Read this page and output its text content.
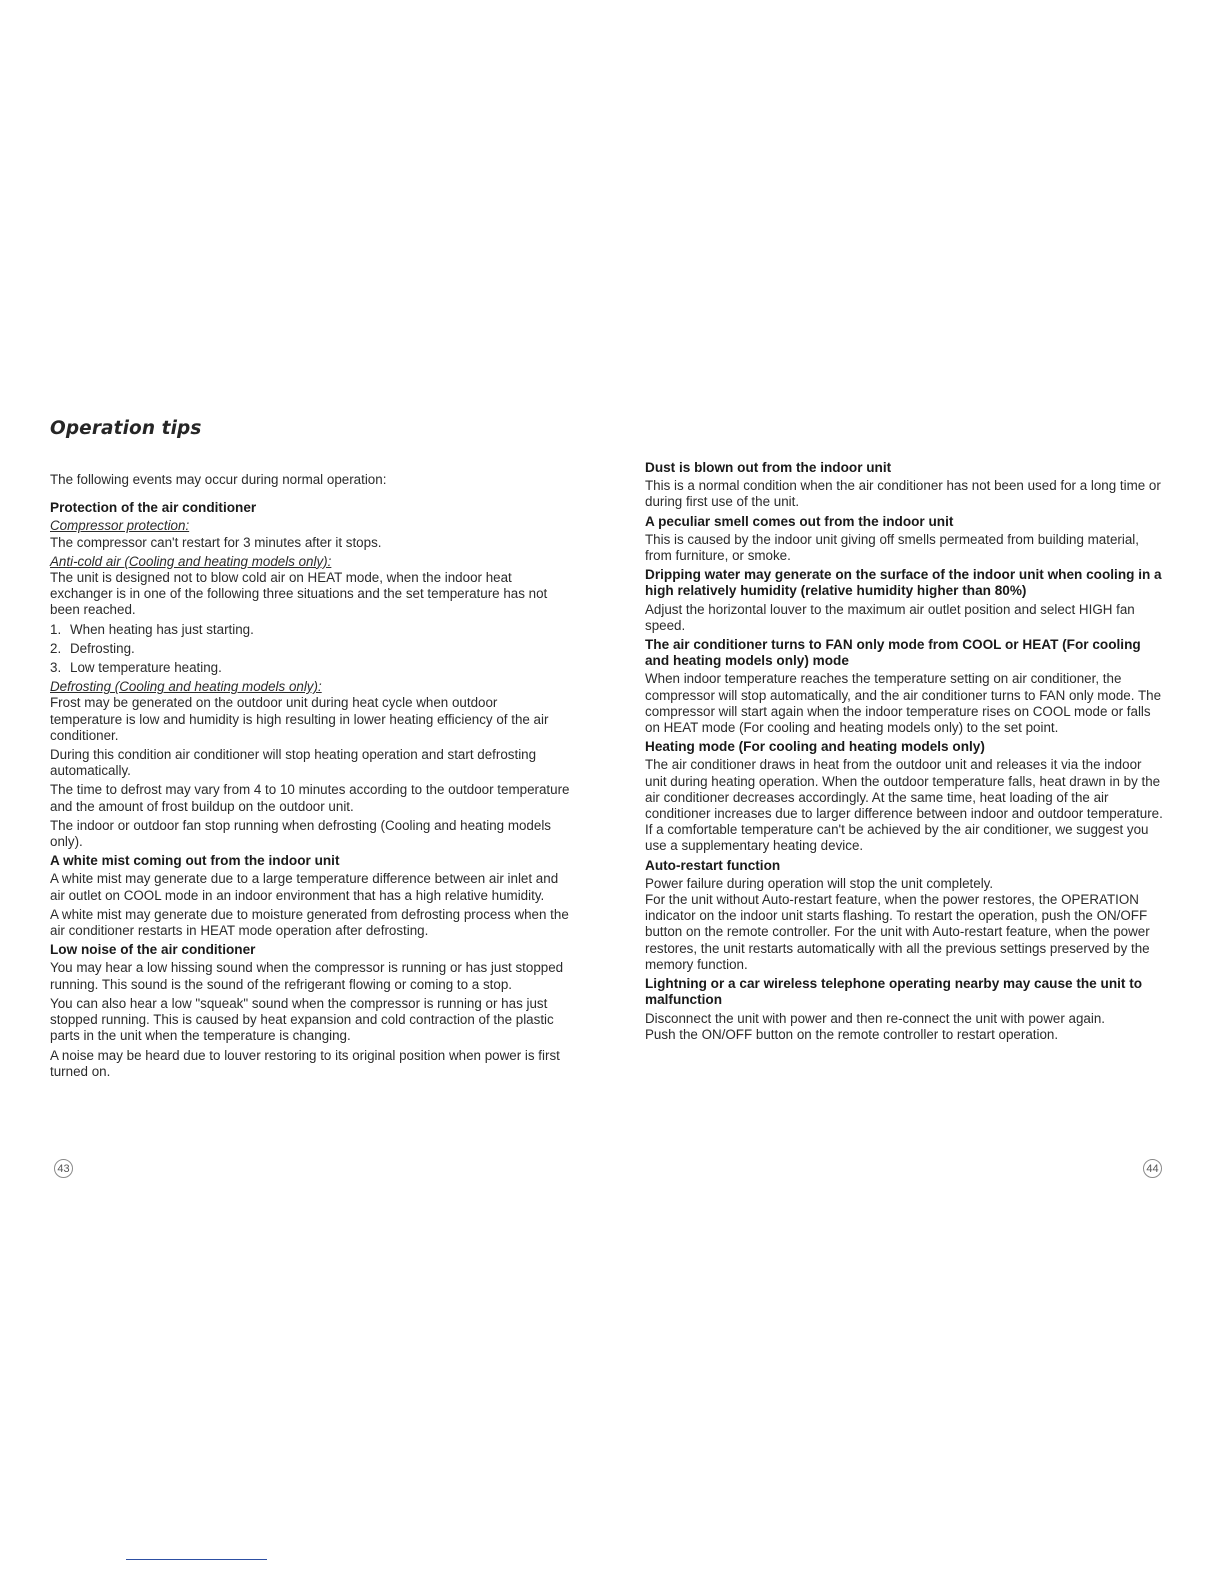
Operation tips

The following events may occur during normal operation:

Protection of the air conditioner
Compressor protection:

The compressor can't restart for 3 minutes after it stops.

Anti-cold air (Cooling and heating models only):

The unit is designed not to blow cold air on HEAT mode, when the indoor heat exchanger is in one of the following three situations and the set temperature has not been reached.

1. When heating has just starting.
2. Defrosting.
3. Low temperature heating.
Defrosting (Cooling and heating models only):

Frost may be generated on the outdoor unit during heat cycle when outdoor temperature is low and humidity is high resulting in lower heating efficiency of the air conditioner.

During this condition air conditioner will stop heating operation and start defrosting automatically.

The time to defrost may vary from 4 to 10 minutes according to the outdoor temperature and the amount of frost buildup on the outdoor unit.

The indoor or outdoor fan stop running when defrosting (Cooling and heating models only).

A white mist coming out from the indoor unit

A white mist may generate due to a large temperature difference between air inlet and air outlet on COOL mode in an indoor environment that has a high relative humidity.

A white mist may generate due to moisture generated from defrosting process when the air conditioner restarts in HEAT mode operation after defrosting.

Low noise of the air conditioner

You may hear a low hissing sound when the compressor is running or has just stopped running. This sound is the sound of the refrigerant flowing or coming to a stop.

You can also hear a low "squeak" sound when the compressor is running or has just stopped running. This is caused by heat expansion and cold contraction of the plastic parts in the unit when the temperature is changing.

A noise may be heard due to louver restoring to its original position when power is first turned on.

Dust is blown out from the indoor unit

This is a normal condition when the air conditioner has not been used for a long time or during first use of the unit.

A peculiar smell comes out from the indoor unit

This is caused by the indoor unit giving off smells permeated from building material, from furniture, or smoke.

Dripping water may generate on the surface of the indoor unit when cooling in a high relatively humidity (relative humidity higher than 80%)

Adjust the horizontal louver to the maximum air outlet position and select HIGH fan speed.

The air conditioner turns to FAN only mode from COOL or HEAT (For cooling and heating models only) mode

When indoor temperature reaches the temperature setting on air conditioner, the compressor will stop automatically, and the air conditioner turns to FAN only mode. The compressor will start again when the indoor temperature rises on COOL mode or falls on HEAT mode (For cooling and heating models only) to the set point.

Heating mode (For cooling and heating models only)

The air conditioner draws in heat from the outdoor unit and releases it via the indoor unit during heating operation. When the outdoor temperature falls, heat drawn in by the air conditioner decreases accordingly. At the same time, heat loading of the air conditioner increases due to larger difference between indoor and outdoor temperature. If a comfortable temperature can't be achieved by the air conditioner, we suggest you use a supplementary heating device.

Auto-restart function

Power failure during operation will stop the unit completely.

For the unit without Auto-restart feature, when the power restores, the OPERATION indicator on the indoor unit starts flashing. To restart the operation, push the ON/OFF button on the remote controller. For the unit with Auto-restart feature, when the power restores, the unit restarts automatically with all the previous settings preserved by the memory function.

Lightning or a car wireless telephone operating nearby may cause the unit to malfunction

Disconnect the unit with power and then re-connect the unit with power again.

Push the ON/OFF button on the remote controller to restart operation.

43	44
